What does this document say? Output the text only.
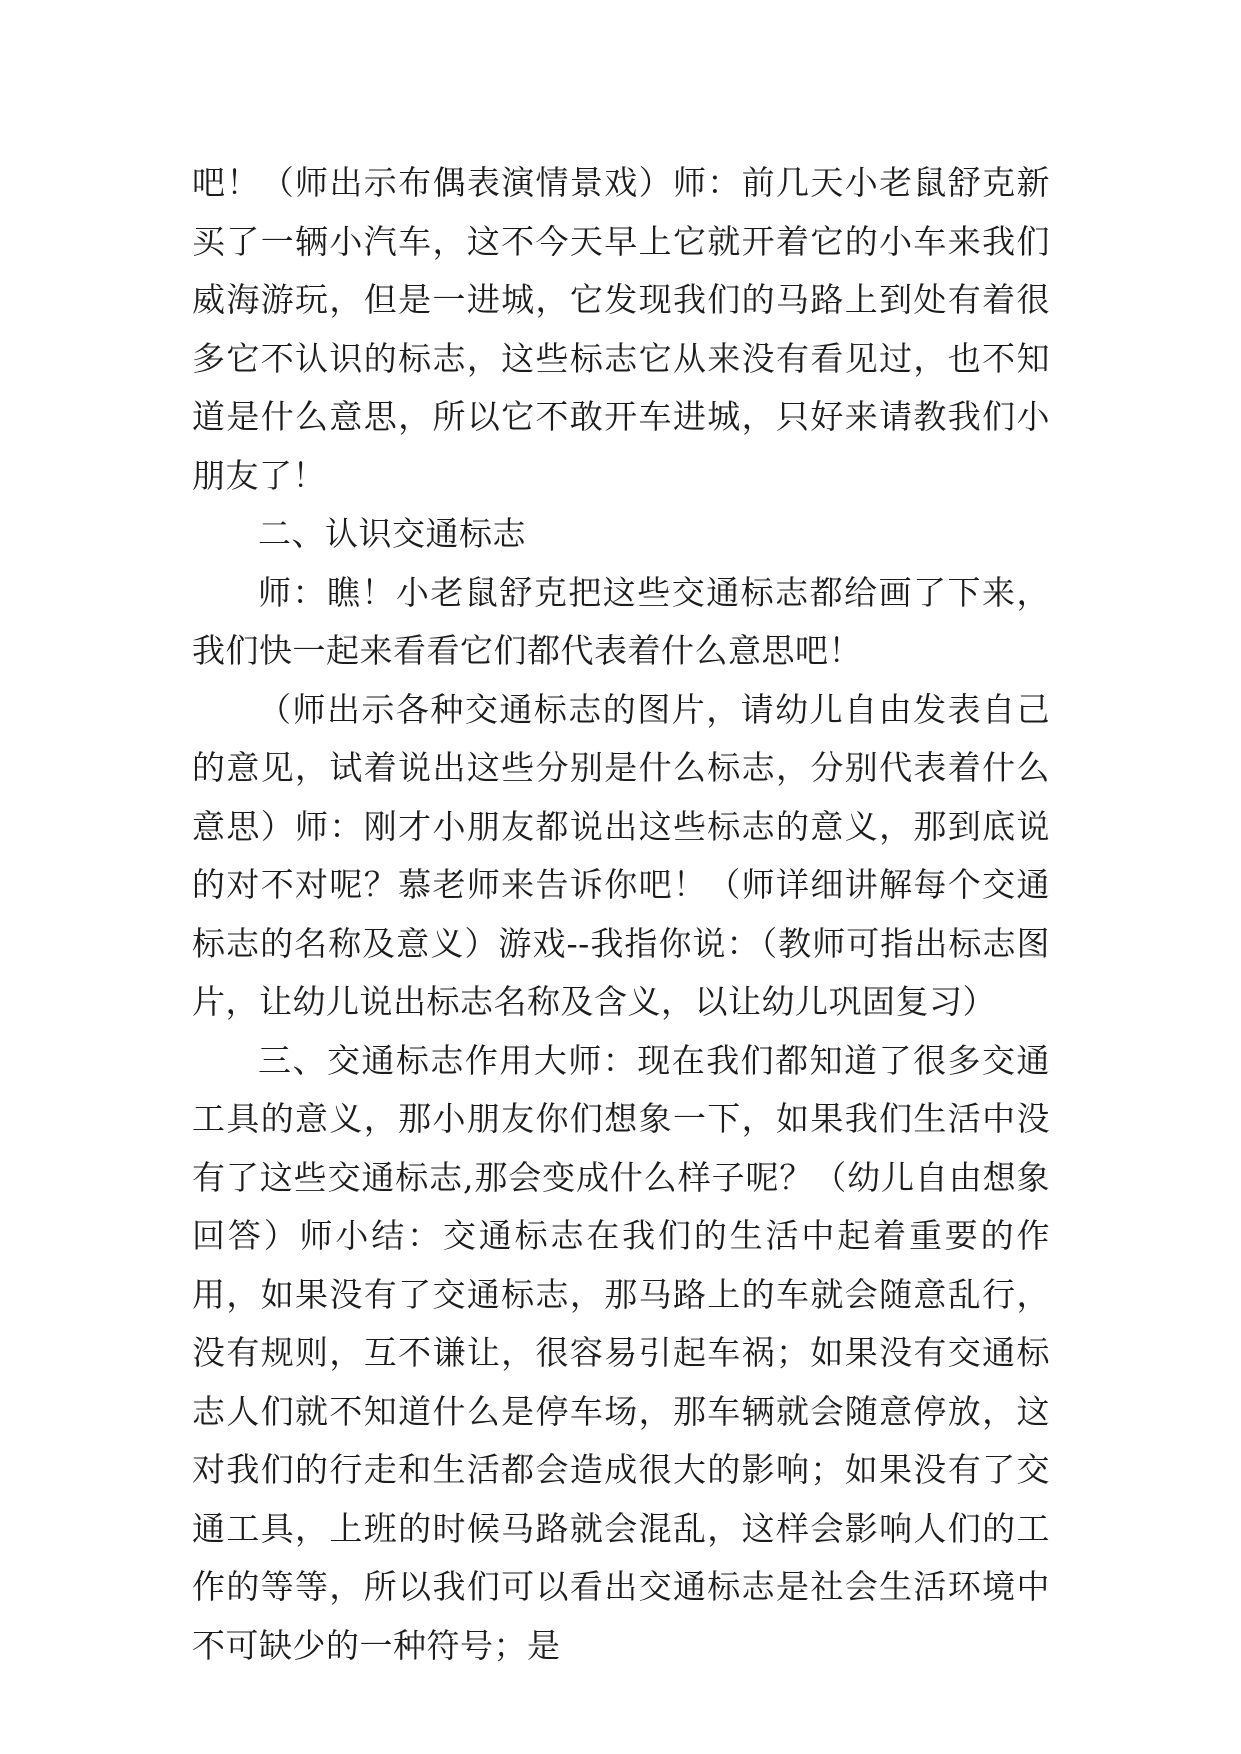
吧！（师出示布偶表演情景戏）师：前几天小老鼠舒克新买了一辆小汽车，这不今天早上它就开着它的小车来我们威海游玩，但是一进城，它发现我们的马路上到处有着很多它不认识的标志，这些标志它从来没有看见过，也不知道是什么意思，所以它不敢开车进城，只好来请教我们小朋友了！

二、认识交通标志

师：瞧！小老鼠舒克把这些交通标志都给画了下来，我们快一起来看看它们都代表着什么意思吧！

（师出示各种交通标志的图片，请幼儿自由发表自己的意见，试着说出这些分别是什么标志，分别代表着什么意思）师：刚才小朋友都说出这些标志的意义，那到底说的对不对呢？慕老师来告诉你吧！（师详细讲解每个交通标志的名称及意义）游戏--我指你说：（教师可指出标志图片，让幼儿说出标志名称及含义，以让幼儿巩固复习）

三、交通标志作用大师：现在我们都知道了很多交通工具的意义，那小朋友你们想象一下，如果我们生活中没有了这些交通标志,那会变成什么样子呢？（幼儿自由想象回答）师小结：交通标志在我们的生活中起着重要的作用，如果没有了交通标志，那马路上的车就会随意乱行，没有规则，互不谦让，很容易引起车祸；如果没有交通标志人们就不知道什么是停车场，那车辆就会随意停放，这对我们的行走和生活都会造成很大的影响；如果没有了交通工具，上班的时候马路就会混乱，这样会影响人们的工作的等等，所以我们可以看出交通标志是社会生活环境中不可缺少的一种符号；是
